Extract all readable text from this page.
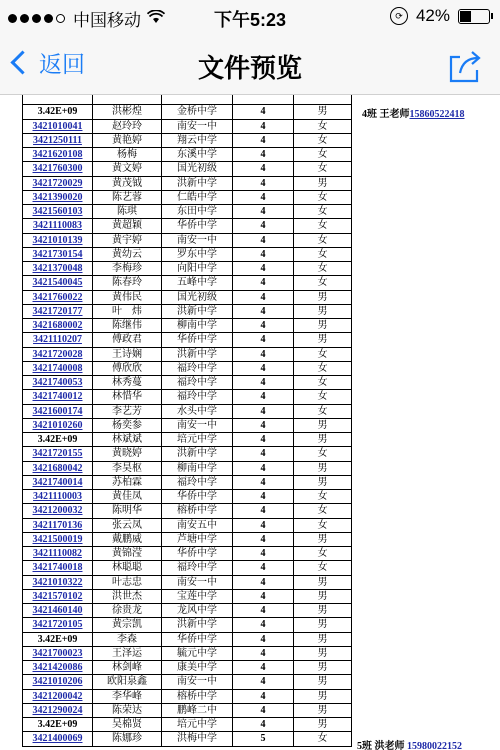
中国移动	下午5:23	⟳ 42%
返回	文件预览

3.42E+09	洪彬煌	金桥中学	4	男
3421010041	赵玲玲	南安一中	4	女
3421250111	黄艳婷	翔云中学	4	女
3421620108	杨梅	东溪中学	4	女
3421760300	黄文婷	国光初级	4	女
3421720029	黄茂钺	洪新中学	4	男
3421390020	陈艺蓉	仁皓中学	4	女
3421560103	陈琪	东田中学	4	女
3421110083	黄超颖	华侨中学	4	女
3421010139	黄宇婷	南安一中	4	女
3421730154	黄幼云	罗东中学	4	女
3421370048	李梅珍	向阳中学	4	女
3421540045	陈春玲	五峰中学	4	女
3421760022	黄伟民	国光初级	4	男
3421720177	叶　炜	洪新中学	4	男
3421680002	陈继伟	柳南中学	4	男
3421110207	傅政君	华侨中学	4	男
3421720028	王诗娴	洪新中学	4	女
3421740008	傅欣欣	福玲中学	4	女
3421740053	林秀蔓	福玲中学	4	女
3421740012	林惜华	福玲中学	4	女
3421600174	李艺芳	水头中学	4	女
3421010260	杨奕参	南安一中	4	男
3.42E+09	林斌斌	培元中学	4	男
3421720155	黄晓婷	洪新中学	4	女
3421680042	李昊枢	柳南中学	4	男
3421740014	苏柏霖	福玲中学	4	男
3421110003	黄佳凤	华侨中学	4	女
3421200032	陈明华	榕桥中学	4	女
3421170136	张云凤	南安五中	4	女
3421500019	戴鹏威	芦塘中学	4	男
3421110082	黄锦滢	华侨中学	4	女
3421740018	林聪聪	福玲中学	4	女
3421010322	叶志忠	南安一中	4	男
3421570102	洪世杰	宝莲中学	4	男
3421460140	徐贵龙	龙风中学	4	男
3421720105	黄宗凯	洪新中学	4	男
3.42E+09	李森	华侨中学	4	男
3421700023	王泽运	毓元中学	4	男
3421420086	林剑峰	康美中学	4	男
3421010206	欧阳泉鑫	南安一中	4	男
3421200042	李华峰	榕桥中学	4	男
3421290024	陈荣达	鹏峰二中	4	男
3.42E+09	吴棉贤	培元中学	4	男
3421400069	陈娜珍	洪梅中学	5	女
4班 王老师15860522418
5班 洪老师 15980022152
